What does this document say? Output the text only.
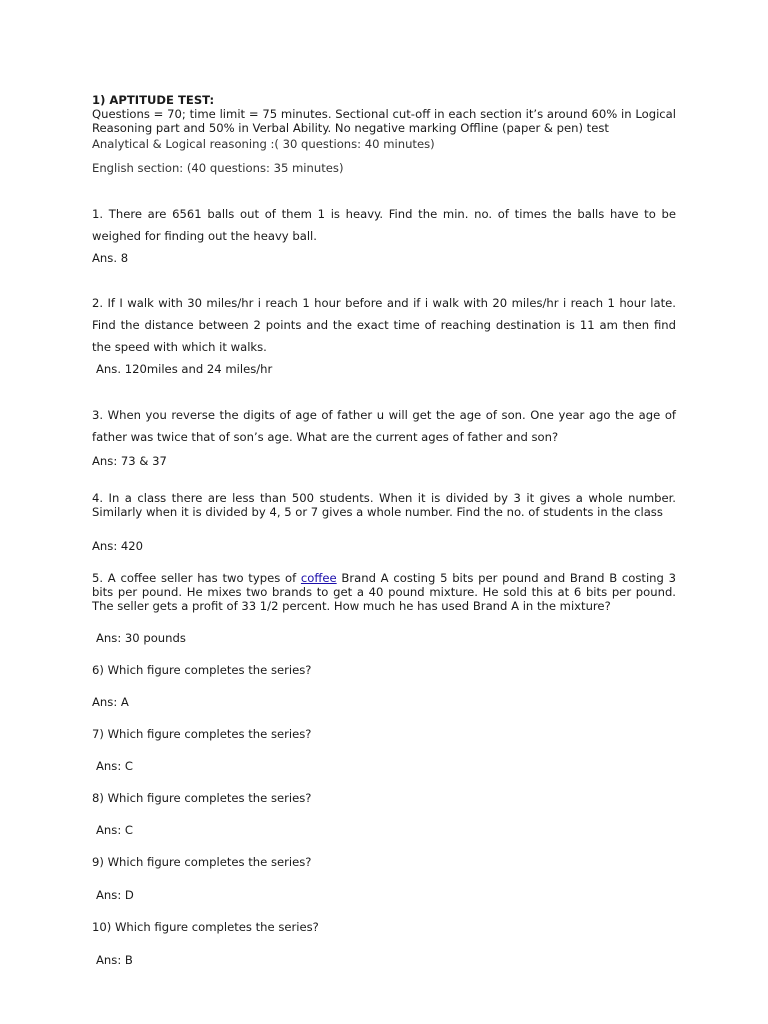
1) APTITUDE TEST:

Questions = 70; time limit = 75 minutes. Sectional cut-off in each section it’s around 60% in Logical Reasoning part and 50% in Verbal Ability. No negative marking Offline (paper & pen) test

Analytical & Logical reasoning :( 30 questions: 40 minutes)

English section: (40 questions: 35 minutes)

1. There are 6561 balls out of them 1 is heavy. Find the min. no. of times the balls have to be weighed for finding out the heavy ball.

Ans. 8

2. If I walk with 30 miles/hr i reach 1 hour before and if i walk with 20 miles/hr i reach 1 hour late. Find the distance between 2 points and the exact time of reaching destination is 11 am then find the speed with which it walks.

Ans. 120miles and 24 miles/hr

3. When you reverse the digits of age of father u will get the age of son. One year ago the age of father was twice that of son’s age. What are the current ages of father and son?

Ans: 73 & 37

4. In a class there are less than 500 students. When it is divided by 3 it gives a whole number. Similarly when it is divided by 4, 5 or 7 gives a whole number. Find the no. of students in the class

Ans: 420

5. A coffee seller has two types of coffee Brand A costing 5 bits per pound and Brand B costing 3 bits per pound. He mixes two brands to get a 40 pound mixture. He sold this at 6 bits per pound. The seller gets a profit of 33 1/2 percent. How much he has used Brand A in the mixture?

Ans: 30 pounds

6) Which figure completes the series?

Ans: A

7) Which figure completes the series?

Ans: C

8) Which figure completes the series?

Ans: C

9) Which figure completes the series?

Ans: D

10) Which figure completes the series?

Ans: B
